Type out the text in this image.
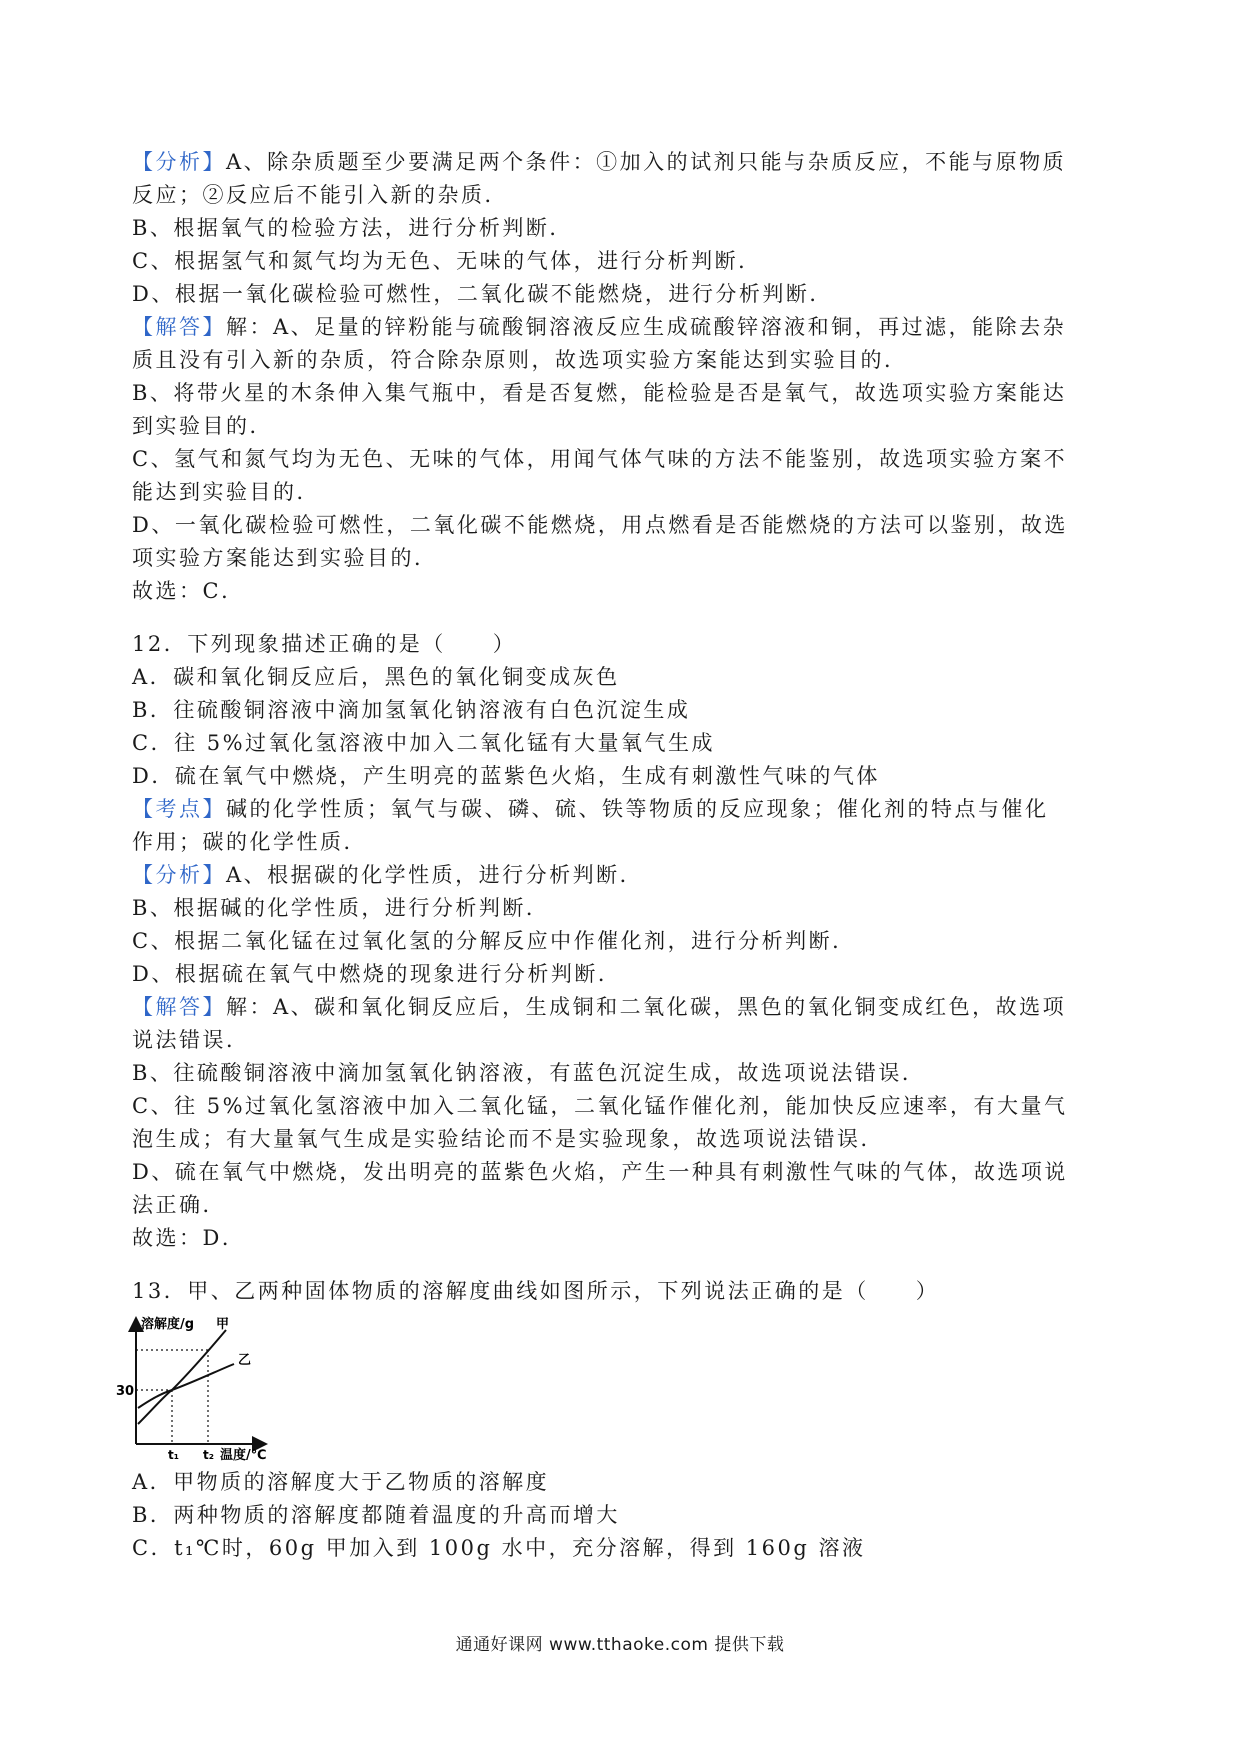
【分析】A、除杂质题至少要满足两个条件：①加入的试剂只能与杂质反应，不能与原物质
反应；②反应后不能引入新的杂质．
B、根据氧气的检验方法，进行分析判断．
C、根据氢气和氮气均为无色、无味的气体，进行分析判断．
D、根据一氧化碳检验可燃性，二氧化碳不能燃烧，进行分析判断．
【解答】解：A、足量的锌粉能与硫酸铜溶液反应生成硫酸锌溶液和铜，再过滤，能除去杂
质且没有引入新的杂质，符合除杂原则，故选项实验方案能达到实验目的．
B、将带火星的木条伸入集气瓶中，看是否复燃，能检验是否是氧气，故选项实验方案能达
到实验目的．
C、氢气和氮气均为无色、无味的气体，用闻气体气味的方法不能鉴别，故选项实验方案不
能达到实验目的．
D、一氧化碳检验可燃性，二氧化碳不能燃烧，用点燃看是否能燃烧的方法可以鉴别，故选
项实验方案能达到实验目的．
故选：C．
12．下列现象描述正确的是（　　）
A．碳和氧化铜反应后，黑色的氧化铜变成灰色
B．往硫酸铜溶液中滴加氢氧化钠溶液有白色沉淀生成
C．往 5%过氧化氢溶液中加入二氧化锰有大量氧气生成
D．硫在氧气中燃烧，产生明亮的蓝紫色火焰，生成有刺激性气味的气体
【考点】碱的化学性质；氧气与碳、磷、硫、铁等物质的反应现象；催化剂的特点与催化
作用；碳的化学性质．
【分析】A、根据碳的化学性质，进行分析判断．
B、根据碱的化学性质，进行分析判断．
C、根据二氧化锰在过氧化氢的分解反应中作催化剂，进行分析判断．
D、根据硫在氧气中燃烧的现象进行分析判断．
【解答】解：A、碳和氧化铜反应后，生成铜和二氧化碳，黑色的氧化铜变成红色，故选项
说法错误．
B、往硫酸铜溶液中滴加氢氧化钠溶液，有蓝色沉淀生成，故选项说法错误．
C、往 5%过氧化氢溶液中加入二氧化锰，二氧化锰作催化剂，能加快反应速率，有大量气
泡生成；有大量氧气生成是实验结论而不是实验现象，故选项说法错误．
D、硫在氧气中燃烧，发出明亮的蓝紫色火焰，产生一种具有刺激性气味的气体，故选项说
法正确．
故选：D．
13．甲、乙两种固体物质的溶解度曲线如图所示，下列说法正确的是（　　）
溶解度/g 甲
乙
30
t₁ t₂ 温度/℃
A．甲物质的溶解度大于乙物质的溶解度
B．两种物质的溶解度都随着温度的升高而增大
C．t₁℃时，60g 甲加入到 100g 水中，充分溶解，得到 160g 溶液
通通好课网 www.tthaoke.com 提供下载
